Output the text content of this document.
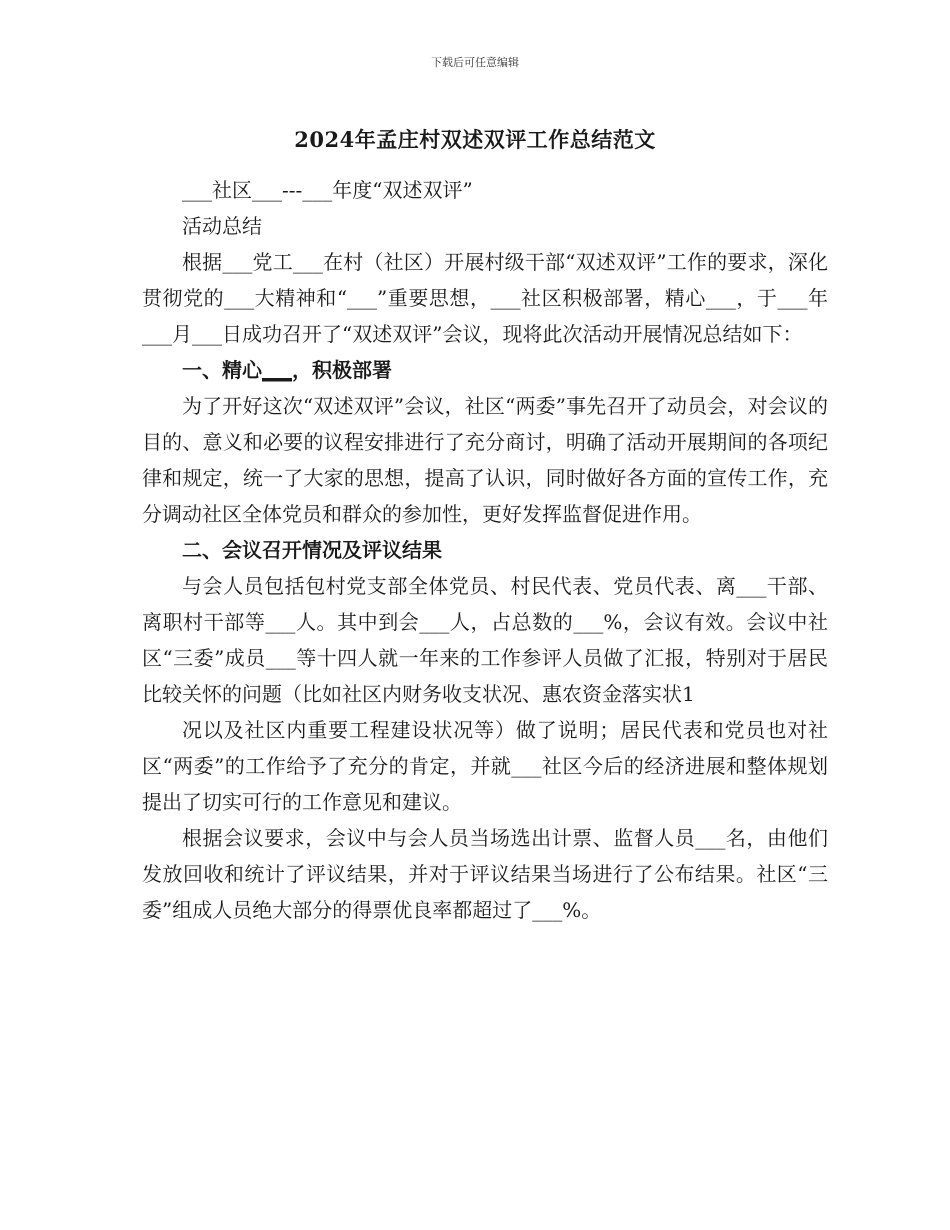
下载后可任意编辑
2024年孟庄村双述双评工作总结范文

___社区___---___年度“双述双评”

活动总结

根据___党工___在村（社区）开展村级干部“双述双评”工作的要求，深化贯彻党的___大精神和“___”重要思想，___社区积极部署，精心___，于___年___月___日成功召开了“双述双评”会议，现将此次活动开展情况总结如下：

一、精心___，积极部署

为了开好这次“双述双评”会议，社区“两委”事先召开了动员会，对会议的目的、意义和必要的议程安排进行了充分商讨，明确了活动开展期间的各项纪律和规定，统一了大家的思想，提高了认识，同时做好各方面的宣传工作，充分调动社区全体党员和群众的参加性，更好发挥监督促进作用。

二、会议召开情况及评议结果

与会人员包括包村党支部全体党员、村民代表、党员代表、离___干部、离职村干部等___人。其中到会___人，占总数的___%，会议有效。会议中社区“三委”成员___等十四人就一年来的工作参评人员做了汇报，特别对于居民比较关怀的问题（比如社区内财务收支状况、惠农资金落实状1

况以及社区内重要工程建设状况等）做了说明；居民代表和党员也对社区“两委”的工作给予了充分的肯定，并就___社区今后的经济进展和整体规划提出了切实可行的工作意见和建议。

根据会议要求，会议中与会人员当场选出计票、监督人员___名，由他们发放回收和统计了评议结果，并对于评议结果当场进行了公布结果。社区“三委”组成人员绝大部分的得票优良率都超过了___%。
